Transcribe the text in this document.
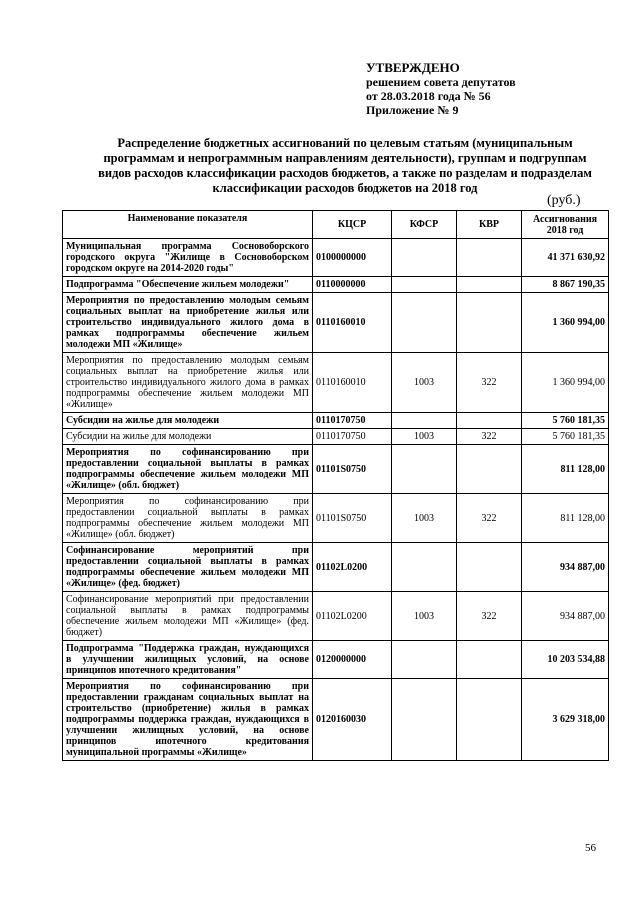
УТВЕРЖДЕНО
решением совета депутатов
от 28.03.2018 года № 56
Приложение № 9
Распределение бюджетных ассигнований по целевым статьям (муниципальным программам и непрограммным направлениям деятельности), группам и подгруппам видов расходов классификации расходов бюджетов, а также по разделам и подразделам классификации расходов бюджетов на 2018 год
(руб.)
Наименование показателя	КЦСР	КФСР	КВР	Ассигнования 2018 год
Муниципальная программа Сосновоборского городского округа "Жилище в Сосновоборском городском округе на 2014-2020 годы"	0100000000			41 371 630,92
Подпрограмма "Обеспечение жильем молодежи"	0110000000			8 867 190,35
Мероприятия по предоставлению молодым семьям социальных выплат на приобретение жилья или строительство индивидуального жилого дома в рамках подпрограммы обеспечение жильем молодежи МП «Жилище»	0110160010			1 360 994,00
Мероприятия по предоставлению молодым семьям социальных выплат на приобретение жилья или строительство индивидуального жилого дома в рамках подпрограммы обеспечение жильем молодежи МП «Жилище»	0110160010	1003	322	1 360 994,00
Субсидии на жилье для молодежи	0110170750			5 760 181,35
Субсидии на жилье для молодежи	0110170750	1003	322	5 760 181,35
Мероприятия по софинансированию при предоставлении социальной выплаты в рамках подпрограммы обеспечение жильем молодежи МП «Жилище» (обл. бюджет)	01101S0750			811 128,00
Мероприятия по софинансированию при предоставлении социальной выплаты в рамках подпрограммы обеспечение жильем молодежи МП «Жилище» (обл. бюджет)	01101S0750	1003	322	811 128,00
Софинансирование мероприятий при предоставлении социальной выплаты в рамках подпрограммы обеспечение жильем молодежи МП «Жилище» (фед. бюджет)	01102L0200			934 887,00
Софинансирование мероприятий при предоставлении социальной выплаты в рамках подпрограммы обеспечение жильем молодежи МП «Жилище» (фед. бюджет)	01102L0200	1003	322	934 887,00
Подпрограмма "Поддержка граждан, нуждающихся в улучшении жилищных условий, на основе принципов ипотечного кредитования"	0120000000			10 203 534,88
Мероприятия по софинансированию при предоставлении гражданам социальных выплат на строительство (приобретение) жилья в рамках подпрограммы поддержка граждан, нуждающихся в улучшении жилищных условий, на основе принципов ипотечного кредитования муниципальной программы «Жилище»	0120160030			3 629 318,00
56
